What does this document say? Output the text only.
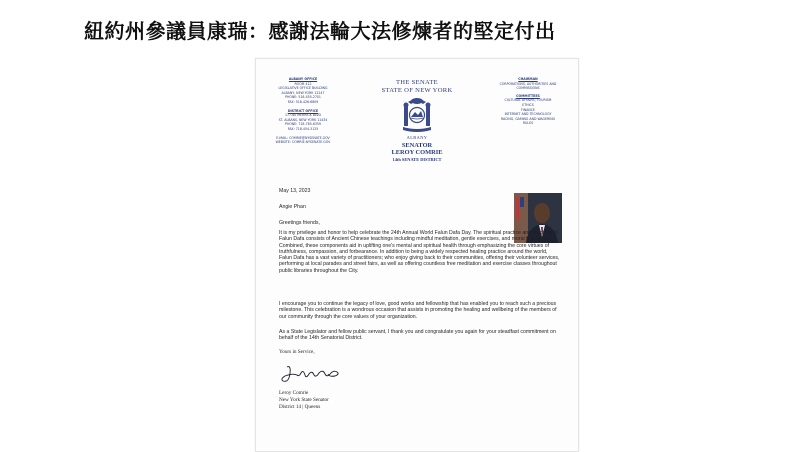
紐約州參議員康瑞：感謝法輪大法修煉者的堅定付出
ALBANY OFFICE
ROOM 412
LEGISLATIVE OFFICE BUILDING
ALBANY, NEW YORK 12247
PHONE: 518-455-2701
FAX: 518-426-6809
DISTRICT OFFICE
177-60 MERRICK BLVD
ST. ALBANS, NEW YORK 11434
PHONE: 718-765-6359
FAX: 718-454-3125
E-MAIL: COMRIE@NYSENATE.GOV
WEBSITE: COMRIE.NYSENATE.GOV
THE SENATE
STATE OF NEW YORK
ALBANY
SENATOR
LEROY COMRIE
14th SENATE DISTRICT
CHAIRMAN
CORPORATIONS, AUTHORITIES AND
COMMISSIONS
COMMITTEES
CULTURAL AFFAIRS, TOURISM
ETHICS
FINANCE
INTERNET AND TECHNOLOGY
RACING, GAMING AND WAGERING
RULES
May 13, 2023
Angie Phan
Greetings friends,

It is my privilege and honor to help celebrate the 24th Annual World Falun Dafa Day. The spiritual practice and teaching of Falun Dafa consists of Ancient Chinese teachings including mindful meditation, gentle exercises, and moral teachings. Combined, these components aid in uplifting one's mental and spiritual health through emphasizing the core virtues of truthfulness, compassion, and forbearance. In addition to being a widely respected healing practice around the world, Falun Dafa has a vast variety of practitioners; who enjoy giving back to their communities, offering their volunteer services, performing at local parades and street fairs, as well as offering countless free meditation and exercise classes throughout public libraries throughout the City.

I encourage you to continue the legacy of love, good works and fellowship that has enabled you to reach such a precious milestone. This celebration is a wondrous occasion that assists in promoting the healing and wellbeing of the members of our community through the core values of your organization.

As a State Legislator and fellow public servant, I thank you and congratulate you again for your steadfast commitment on behalf of the 14th Senatorial District.

Yours in Service,
Leroy Comrie
New York State Senator
District 14 | Queens
